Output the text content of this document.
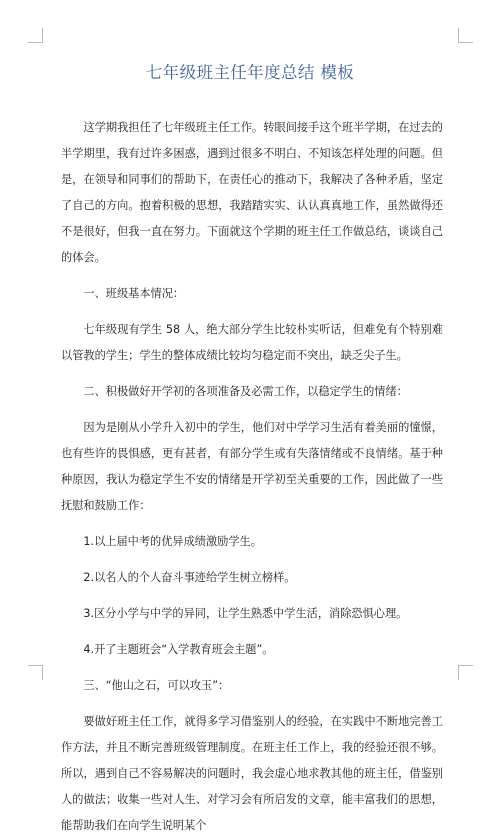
七年级班主任年度总结 模板

这学期我担任了七年级班主任工作。转眼间接手这个班半学期，在过去的半学期里，我有过许多困惑，遇到过很多不明白、不知该怎样处理的问题。但是，在领导和同事们的帮助下，在责任心的推动下，我解决了各种矛盾，坚定了自己的方向。抱着积极的思想，我踏踏实实、认认真真地工作，虽然做得还不是很好，但我一直在努力。下面就这个学期的班主任工作做总结，谈谈自己的体会。

一、班级基本情况：

七年级现有学生 58 人，绝大部分学生比较朴实听话，但难免有个特别难以管教的学生；学生的整体成绩比较均匀稳定而不突出，缺乏尖子生。

二、积极做好开学初的各项准备及必需工作，以稳定学生的情绪：

因为是刚从小学升入初中的学生，他们对中学学习生活有着美丽的憧憬，也有些许的畏惧感，更有甚者，有部分学生或有失落情绪或不良情绪。基于种种原因，我认为稳定学生不安的情绪是开学初至关重要的工作，因此做了一些抚慰和鼓励工作：

1.以上届中考的优异成绩激励学生。

2.以名人的个人奋斗事迹给学生树立榜样。

3.区分小学与中学的异同，让学生熟悉中学生活，消除恐惧心理。

4.开了主题班会“入学教育班会主题”。

三、“他山之石，可以攻玉”：

要做好班主任工作，就得多学习借鉴别人的经验，在实践中不断地完善工作方法，并且不断完善班级管理制度。在班主任工作上，我的经验还很不够。所以，遇到自己不容易解决的问题时，我会虚心地求教其他的班主任，借鉴别人的做法；收集一些对人生、对学习会有所启发的文章，能丰富我们的思想，能帮助我们在向学生说明某个
